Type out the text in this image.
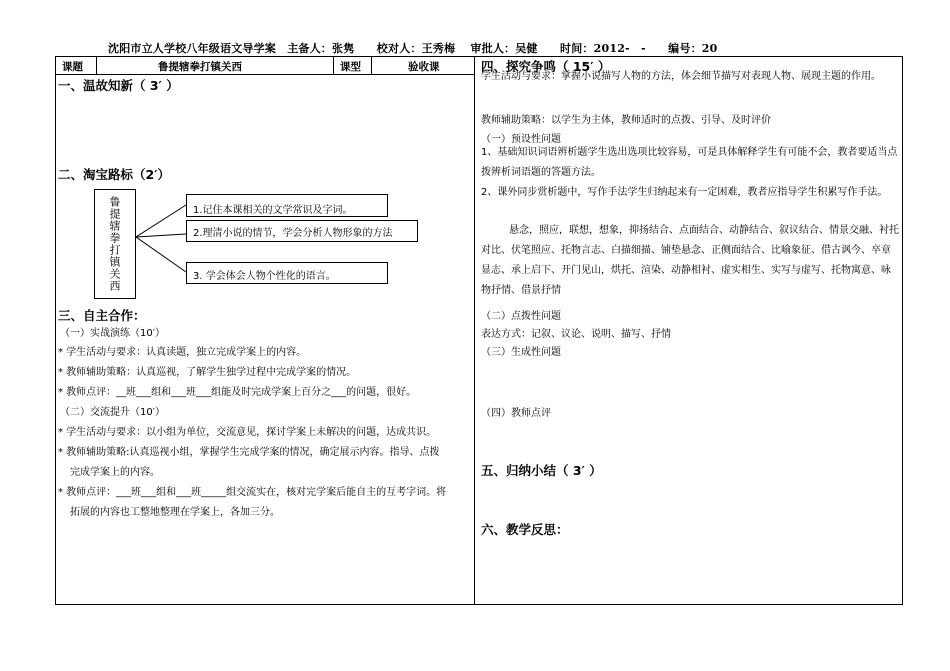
沈阳市立人学校八年级语文导学案　主备人：张隽　　校对人：王秀梅　 审批人：吴健　　时间：2012-　-　　编号：20
课题	鲁提辖拳打镇关西	课型	验收课
一、温故知新（ 3′ ）
二、淘宝路标（2′）
鲁提辖拳打镇关西	1.记住本课相关的文学常识及字词。
2.理清小说的情节，学会分析人物形象的方法
3. 学会体会人物个性化的语言。
三、自主合作：
（一）实战演练（10′）
* 学生活动与要求：认真读题，独立完成学案上的内容。
* 教师辅助策略：认真巡视，了解学生独学过程中完成学案的情况。
* 教师点评：__班___组和___班___组能及时完成学案上百分之___的问题，很好。
（二）交流提升（10′）
* 学生活动与要求：以小组为单位，交流意见，探讨学案上未解决的问题，达成共识。
* 教师辅助策略:认真巡视小组，掌握学生完成学案的情况，确定展示内容。指导、点拨
完成学案上的内容。
* 教师点评：___班___组和___班_____组交流实在，核对完学案后能自主的互考字词。将
拓展的内容也工整地整理在学案上，各加三分。
四、探究争鸣（ 15′ ）
学生活动与要求：掌握小说描写人物的方法，体会细节描写对表现人物、展现主题的作用。
教师辅助策略：以学生为主体，教师适时的点拨、引导、及时评价
（一）预设性问题
1、基础知识词语辨析题学生选出选项比较容易，可是具体解释学生有可能不会，教者要适当点拨辨析词语题的答题方法。
2、课外同步赏析题中，写作手法学生归纳起来有一定困难，教者应指导学生积累写作手法。
悬念，照应，联想，想象，抑扬结合、点面结合、动静结合、叙议结合、情景交融、衬托对比、伏笔照应、托物言志、白描细描、铺垫悬念、正侧面结合、比喻象征、借古讽今、卒章显志、承上启下、开门见山，烘托、渲染、动静相衬、虚实相生、实写与虚写、托物寓意、咏物抒情、借景抒情
（二）点拨性问题
表达方式：记叙、议论、说明、描写、抒情
（三）生成性问题
（四）教师点评
五、归纳小结（ 3′ ）
六、教学反思：
